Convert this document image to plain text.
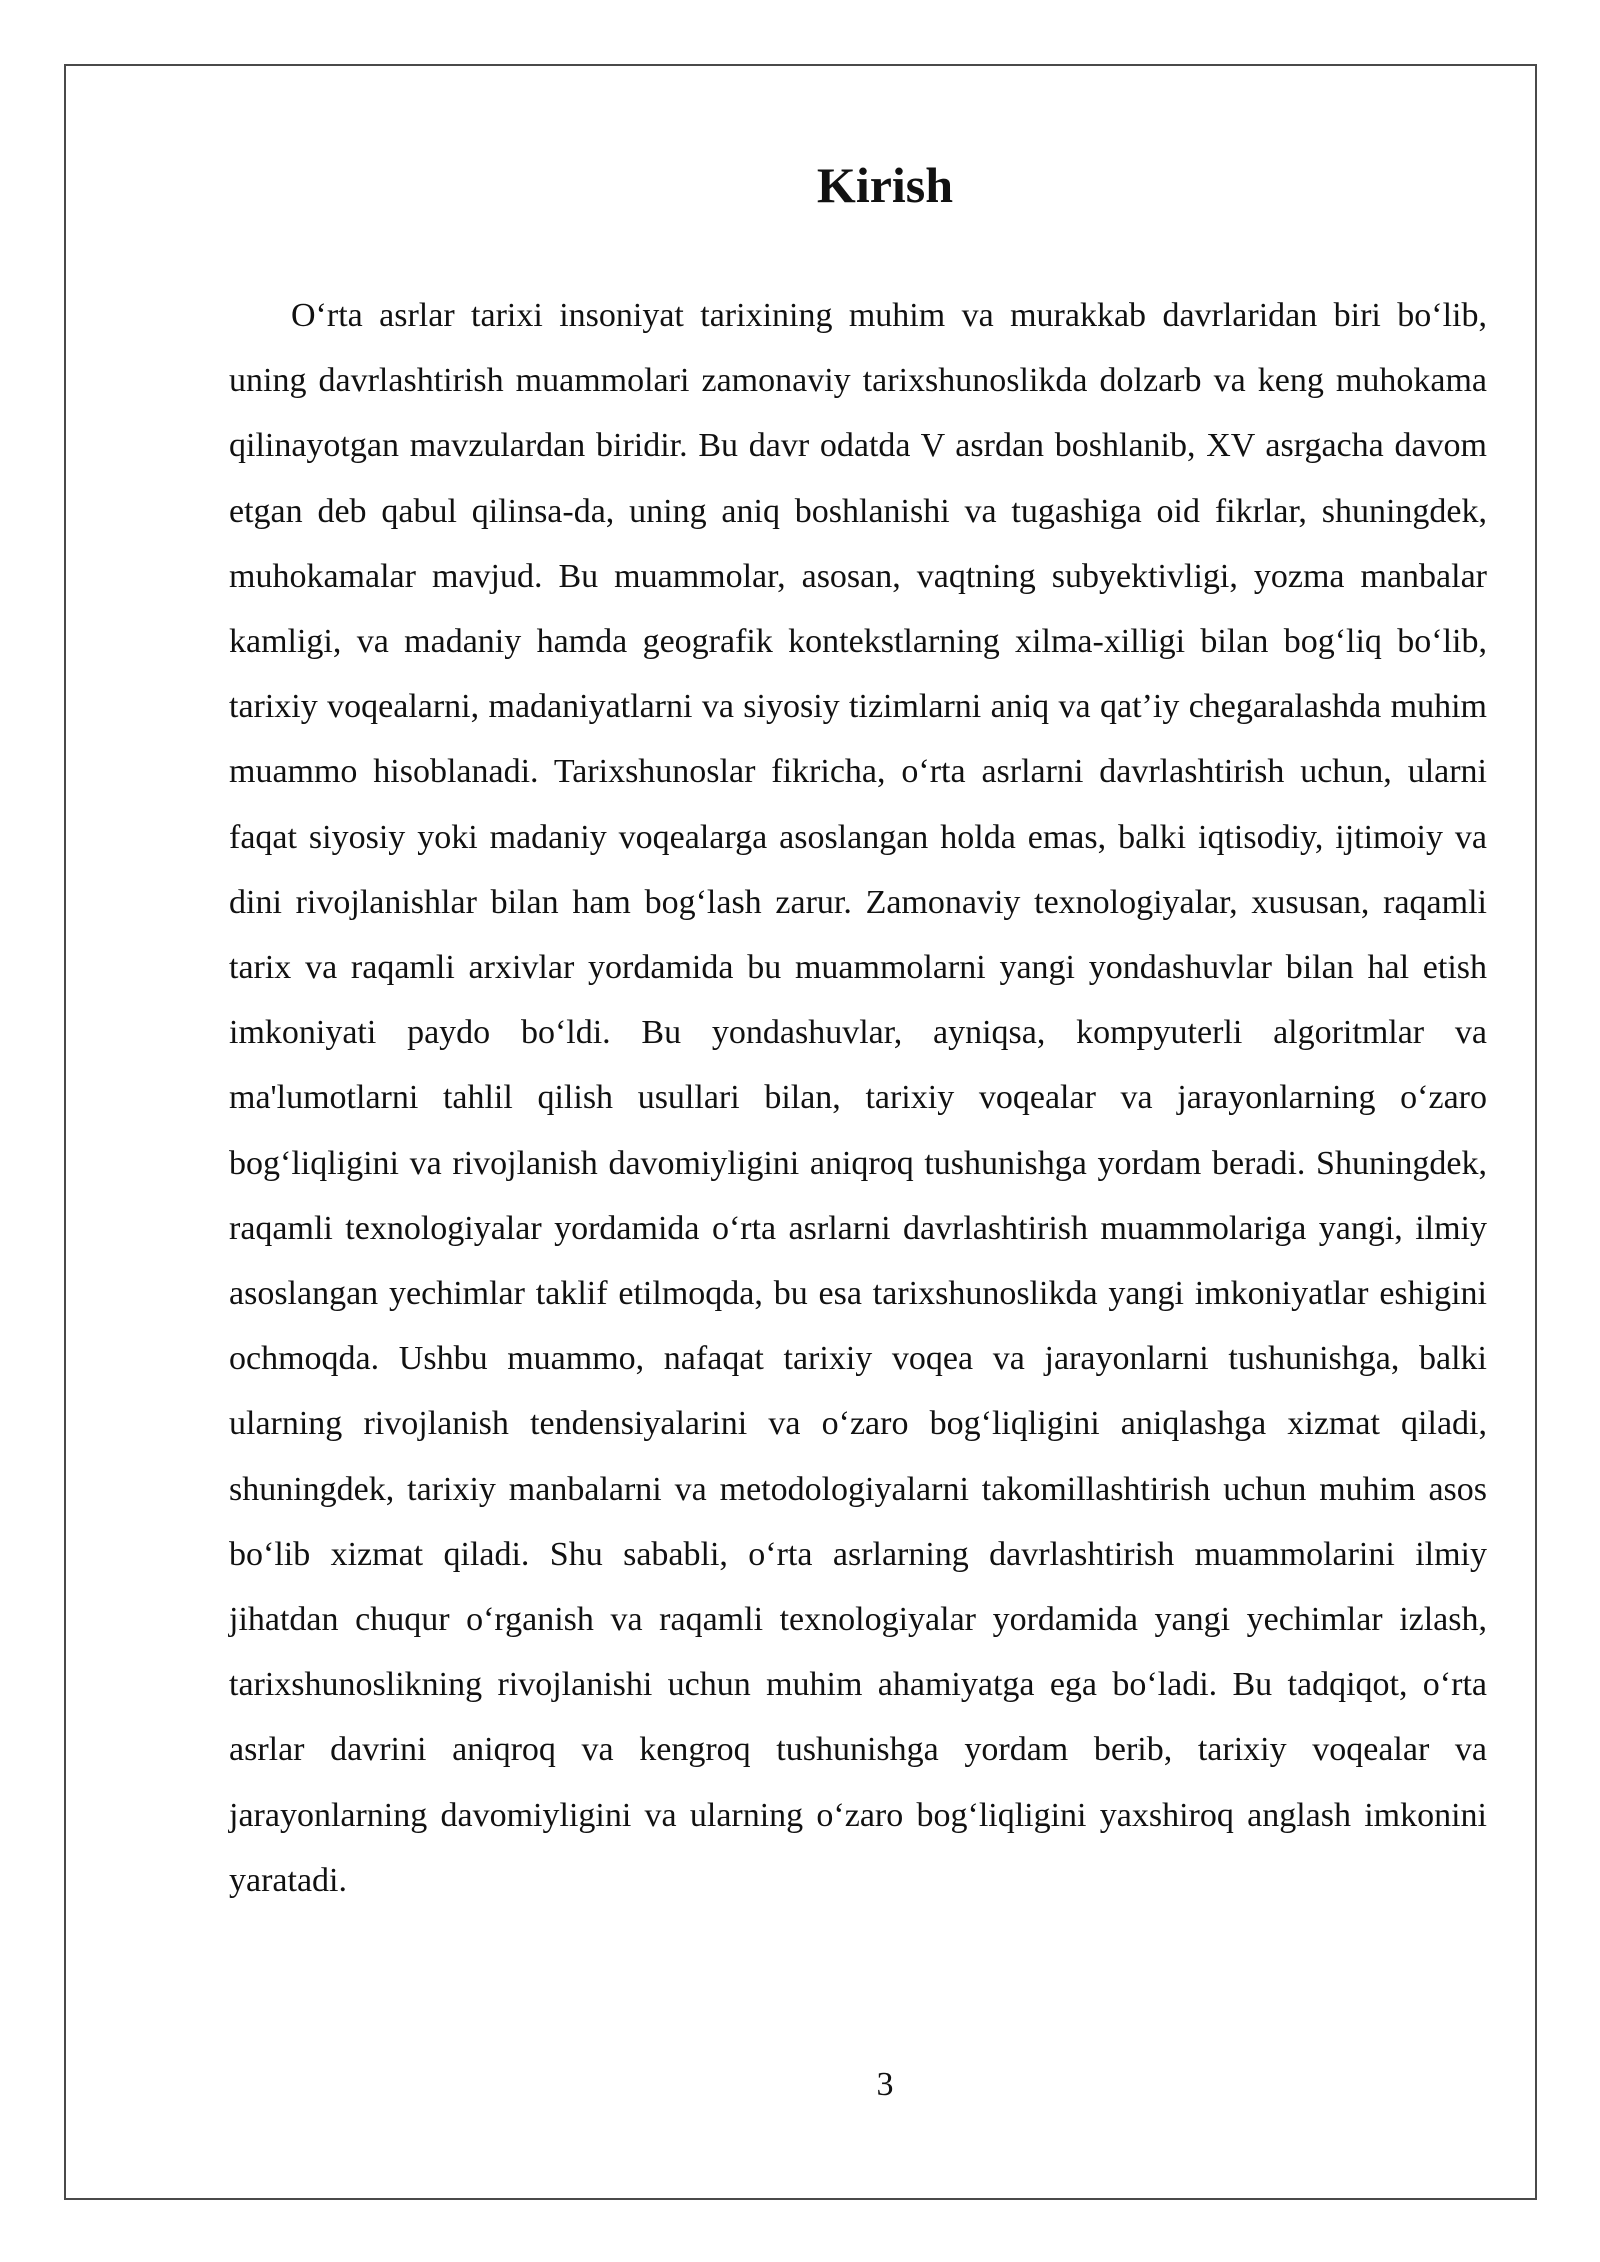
Kirish

O‘rta asrlar tarixi insoniyat tarixining muhim va murakkab davrlaridan biri bo‘lib, uning davrlashtirish muammolari zamonaviy tarixshunoslikda dolzarb va keng muhokama qilinayotgan mavzulardan biridir. Bu davr odatda V asrdan boshlanib, XV asrgacha davom etgan deb qabul qilinsa-da, uning aniq boshlanishi va tugashiga oid fikrlar, shuningdek, muhokamalar mavjud. Bu muammolar, asosan, vaqtning subyektivligi, yozma manbalar kamligi, va madaniy hamda geografik kontekstlarning xilma-xilligi bilan bog‘liq bo‘lib, tarixiy voqealarni, madaniyatlarni va siyosiy tizimlarni aniq va qat’iy chegaralashda muhim muammo hisoblanadi. Tarixshunoslar fikricha, o‘rta asrlarni davrlashtirish uchun, ularni faqat siyosiy yoki madaniy voqealarga asoslangan holda emas, balki iqtisodiy, ijtimoiy va dini rivojlanishlar bilan ham bog‘lash zarur. Zamonaviy texnologiyalar, xususan, raqamli tarix va raqamli arxivlar yordamida bu muammolarni yangi yondashuvlar bilan hal etish imkoniyati paydo bo‘ldi. Bu yondashuvlar, ayniqsa, kompyuterli algoritmlar va ma'lumotlarni tahlil qilish usullari bilan, tarixiy voqealar va jarayonlarning o‘zaro bog‘liqligini va rivojlanish davomiyligini aniqroq tushunishga yordam beradi. Shuningdek, raqamli texnologiyalar yordamida o‘rta asrlarni davrlashtirish muammolariga yangi, ilmiy asoslangan yechimlar taklif etilmoqda, bu esa tarixshunoslikda yangi imkoniyatlar eshigini ochmoqda. Ushbu muammo, nafaqat tarixiy voqea va jarayonlarni tushunishga, balki ularning rivojlanish tendensiyalarini va o‘zaro bog‘liqligini aniqlashga xizmat qiladi, shuningdek, tarixiy manbalarni va metodologiyalarni takomillashtirish uchun muhim asos bo‘lib xizmat qiladi. Shu sababli, o‘rta asrlarning davrlashtirish muammolarini ilmiy jihatdan chuqur o‘rganish va raqamli texnologiyalar yordamida yangi yechimlar izlash, tarixshunoslikning rivojlanishi uchun muhim ahamiyatga ega bo‘ladi. Bu tadqiqot, o‘rta asrlar davrini aniqroq va kengroq tushunishga yordam berib, tarixiy voqealar va jarayonlarning davomiyligini va ularning o‘zaro bog‘liqligini yaxshiroq anglash imkonini yaratadi.

3
